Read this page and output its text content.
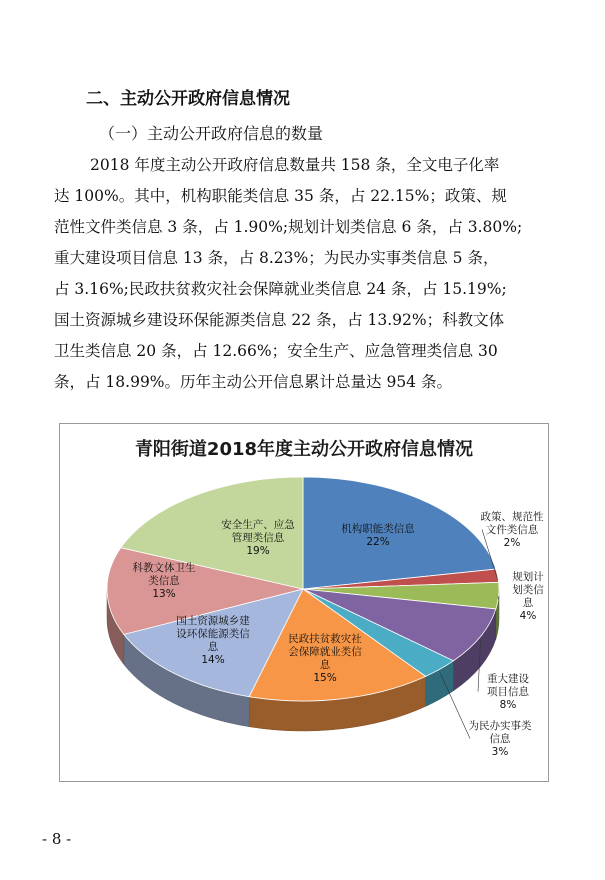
二、主动公开政府信息情况
（一）主动公开政府信息的数量
2018 年度主动公开政府信息数量共 158 条，全文电子化率
达 100%。其中，机构职能类信息 35 条，占 22.15%；政策、规
范性文件类信息 3 条，占 1.90%;规划计划类信息 6 条，占 3.80%;
重大建设项目信息 13 条，占 8.23%；为民办实事类信息 5 条，
占 3.16%;民政扶贫救灾社会保障就业类信息 24 条，占 15.19%;
国土资源城乡建设环保能源类信息 22 条，占 13.92%；科教文体
卫生类信息 20 条，占 12.66%；安全生产、应急管理类信息 30
条，占 18.99%。历年主动公开信息累计总量达 954 条。
青阳街道2018年度主动公开政府信息情况
机构职能类信息
22%
政策、规范性
文件类信息
2%
规划计
划类信
息
4%
重大建设
项目信息
8%
为民办实事类
信息
3%
民政扶贫救灾社
会保障就业类信
息
15%
国土资源城乡建
设环保能源类信
息
14%
科教文体卫生
类信息
13%
安全生产、应急
管理类信息
19%
- 8 -
